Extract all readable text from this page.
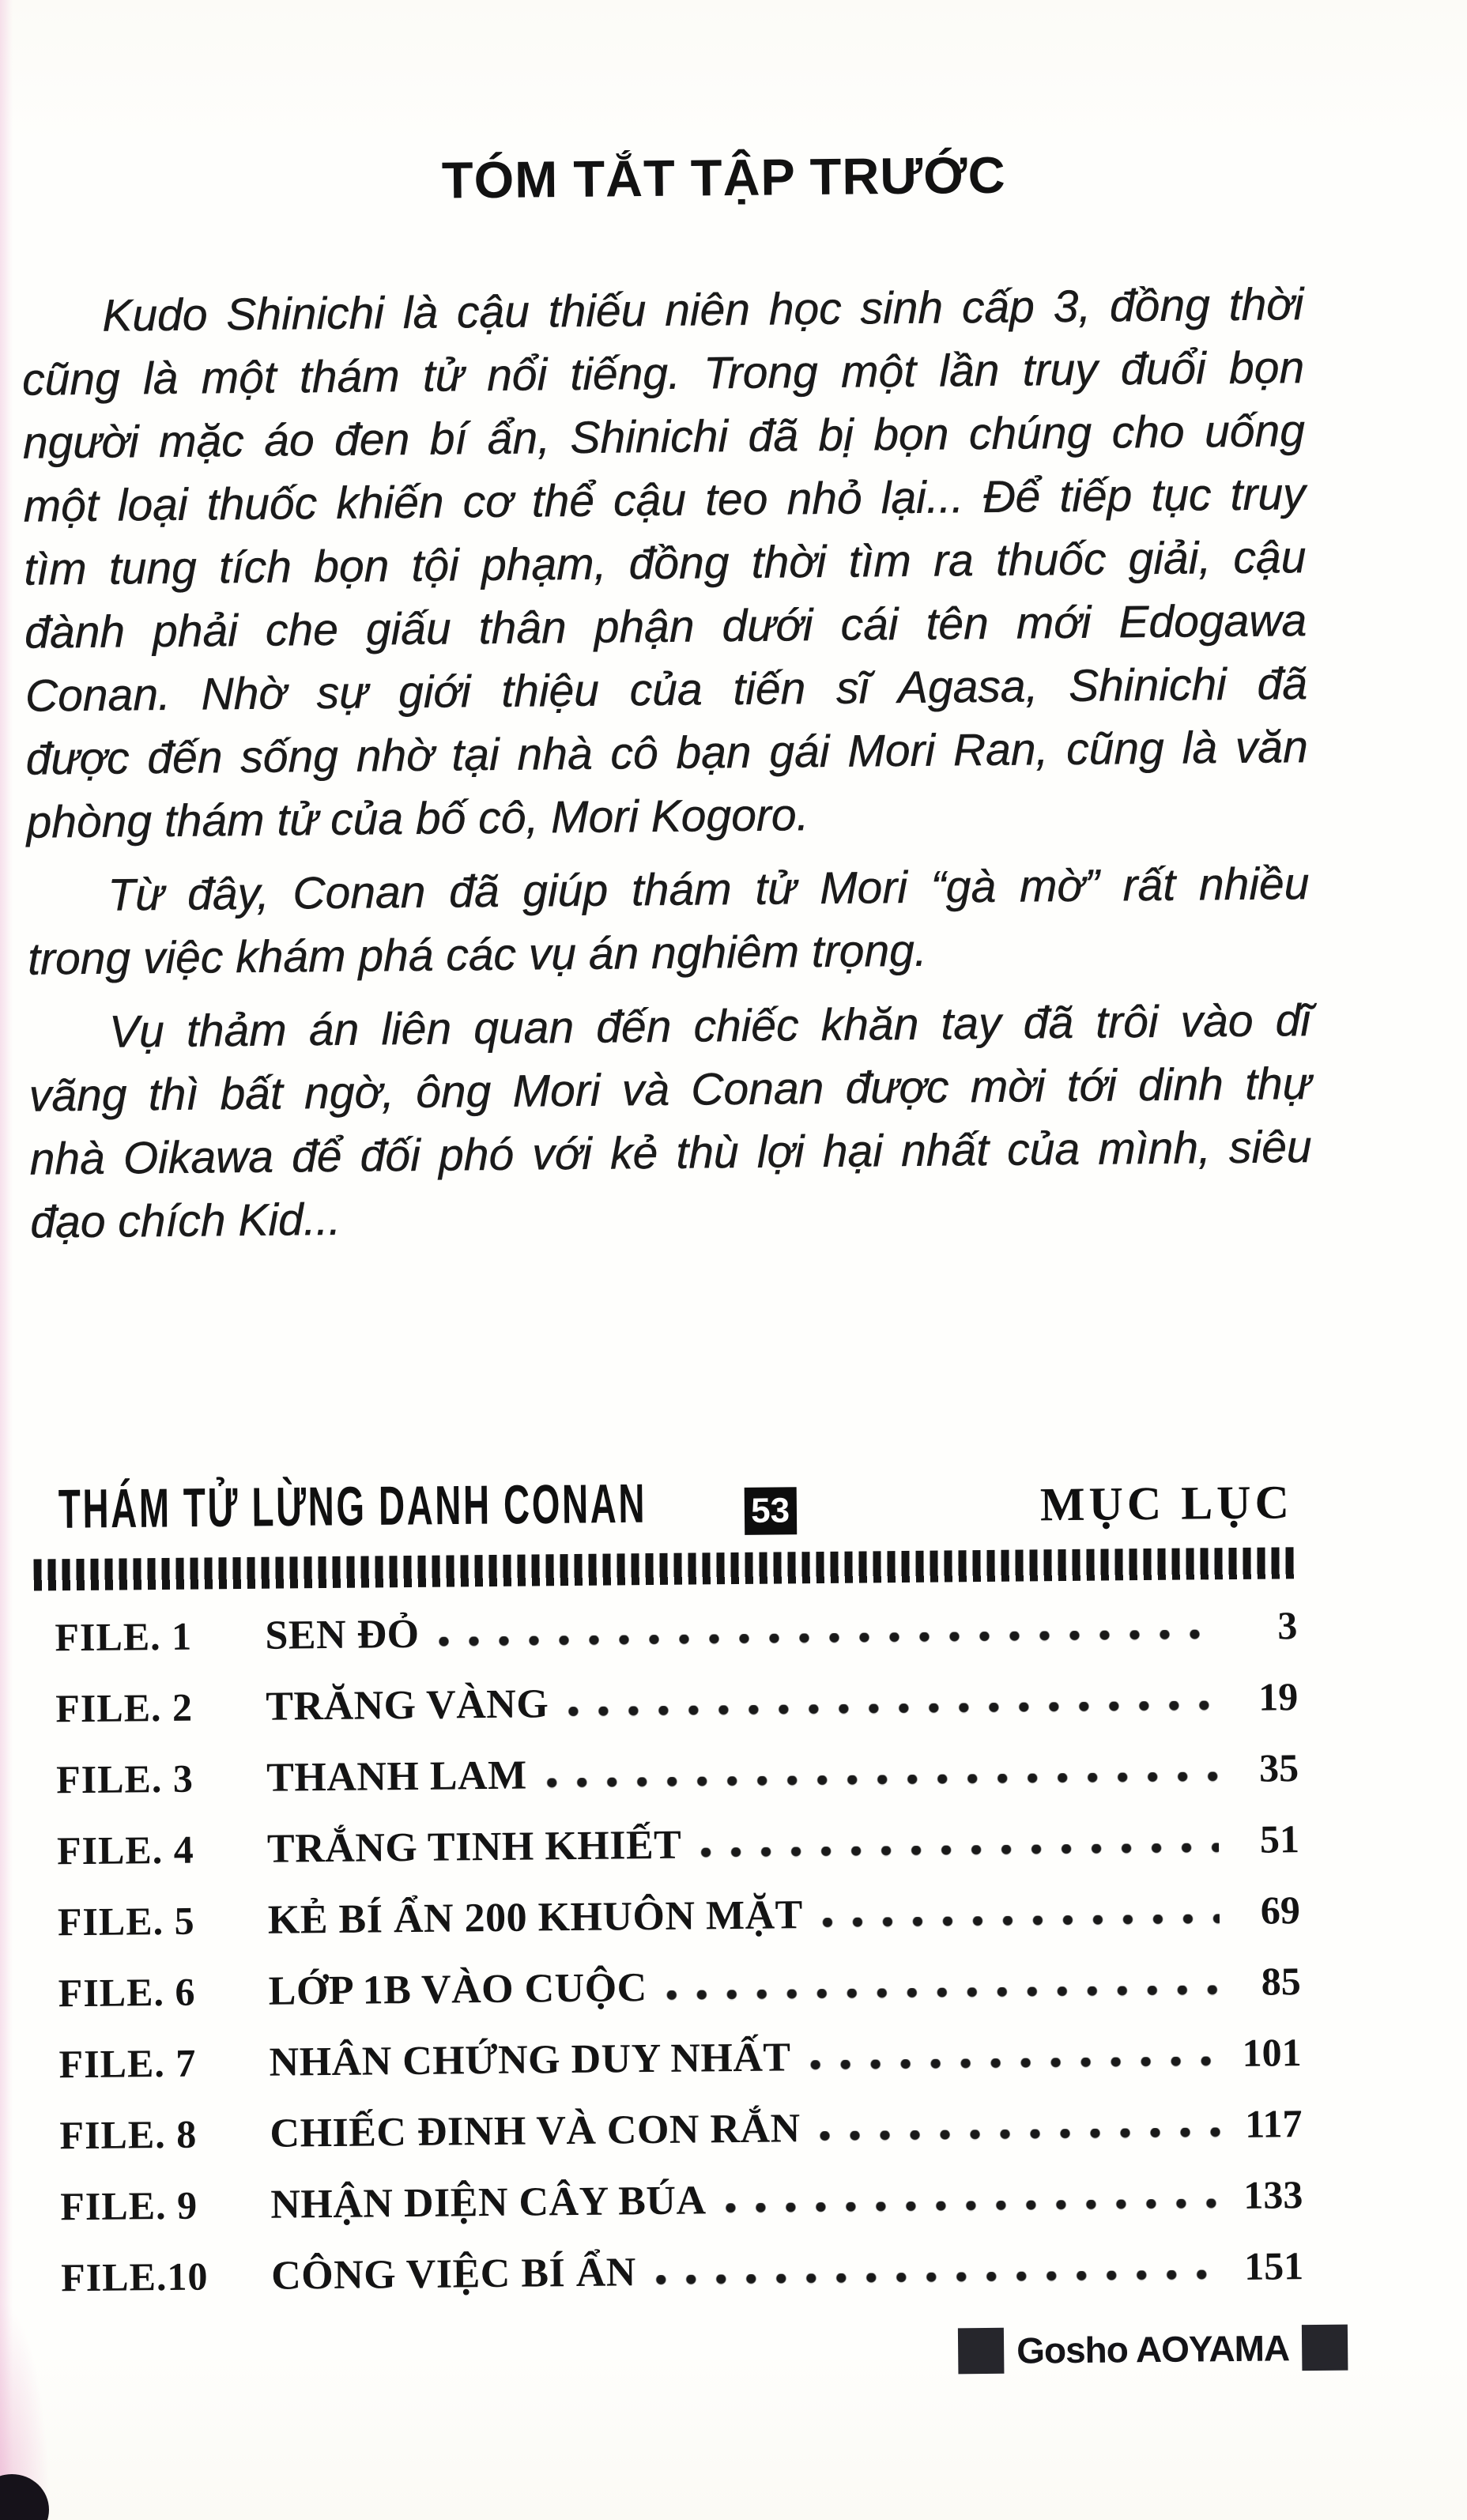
TÓM TẮT TẬP TRƯỚC
Kudo Shinichi là cậu thiếu niên học sinh cấp 3, đồng thời
cũng là một thám tử nổi tiếng. Trong một lần truy đuổi bọn
người mặc áo đen bí ẩn, Shinichi đã bị bọn chúng cho uống
một loại thuốc khiến cơ thể cậu teo nhỏ lại... Để tiếp tục truy
tìm tung tích bọn tội phạm, đồng thời tìm ra thuốc giải, cậu
đành phải che giấu thân phận dưới cái tên mới Edogawa
Conan. Nhờ sự giới thiệu của tiến sĩ Agasa, Shinichi đã
được đến sống nhờ tại nhà cô bạn gái Mori Ran, cũng là văn
phòng thám tử của bố cô, Mori Kogoro.
Từ đây, Conan đã giúp thám tử Mori “gà mờ” rất nhiều
trong việc khám phá các vụ án nghiêm trọng.
Vụ thảm án liên quan đến chiếc khăn tay đã trôi vào dĩ
vãng thì bất ngờ, ông Mori và Conan được mời tới dinh thự
nhà Oikawa để đối phó với kẻ thù lợi hại nhất của mình, siêu
đạo chích Kid...
THÁM TỬ LỪNG DANH CONAN	53	MỤC LỤC
FILE. 1	SEN ĐỎ	3
FILE. 2	TRĂNG VÀNG	19
FILE. 3	THANH LAM	35
FILE. 4	TRẮNG TINH KHIẾT	51
FILE. 5	KẺ BÍ ẨN 200 KHUÔN MẶT	69
FILE. 6	LỚP 1B VÀO CUỘC	85
FILE. 7	NHÂN CHỨNG DUY NHẤT	101
FILE. 8	CHIẾC ĐINH VÀ CON RẮN	117
FILE. 9	NHẬN DIỆN CÂY BÚA	133
FILE.10	CÔNG VIỆC BÍ ẨN	151
Gosho AOYAMA
